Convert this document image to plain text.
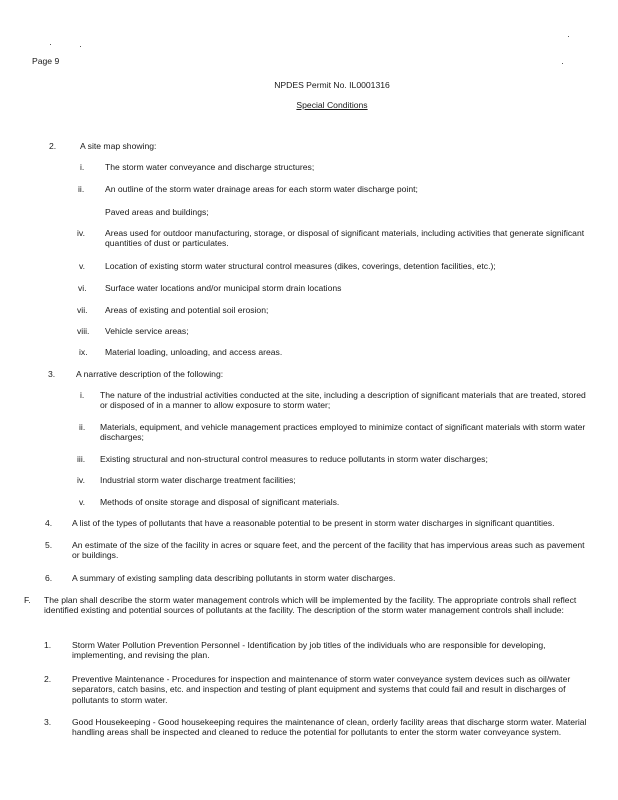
Page 9
NPDES Permit No. IL0001316
Special Conditions
2.	A site map showing:
i. The storm water conveyance and discharge structures;
ii. An outline of the storm water drainage areas for each storm water discharge point;
iii. Paved areas and buildings;
iv. Areas used for outdoor manufacturing, storage, or disposal of significant materials, including activities that generate significant quantities of dust or particulates.
v. Location of existing storm water structural control measures (dikes, coverings, detention facilities, etc.);
vi. Surface water locations and/or municipal storm drain locations
vii. Areas of existing and potential soil erosion;
viii. Vehicle service areas;
ix. Material loading, unloading, and access areas.
3. A narrative description of the following:
i. The nature of the industrial activities conducted at the site, including a description of significant materials that are treated, stored or disposed of in a manner to allow exposure to storm water;
ii. Materials, equipment, and vehicle management practices employed to minimize contact of significant materials with storm water discharges;
iii. Existing structural and non-structural control measures to reduce pollutants in storm water discharges;
iv. Industrial storm water discharge treatment facilities;
v. Methods of onsite storage and disposal of significant materials.
4. A list of the types of pollutants that have a reasonable potential to be present in storm water discharges in significant quantities.
5. An estimate of the size of the facility in acres or square feet, and the percent of the facility that has impervious areas such as pavement or buildings.
6. A summary of existing sampling data describing pollutants in storm water discharges.
F. The plan shall describe the storm water management controls which will be implemented by the facility. The appropriate controls shall reflect identified existing and potential sources of pollutants at the facility. The description of the storm water management controls shall include:
1. Storm Water Pollution Prevention Personnel - Identification by job titles of the individuals who are responsible for developing, implementing, and revising the plan.
2. Preventive Maintenance - Procedures for inspection and maintenance of storm water conveyance system devices such as oil/water separators, catch basins, etc. and inspection and testing of plant equipment and systems that could fail and result in discharges of pollutants to storm water.
3. Good Housekeeping - Good housekeeping requires the maintenance of clean, orderly facility areas that discharge storm water. Material handling areas shall be inspected and cleaned to reduce the potential for pollutants to enter the storm water conveyance system.
